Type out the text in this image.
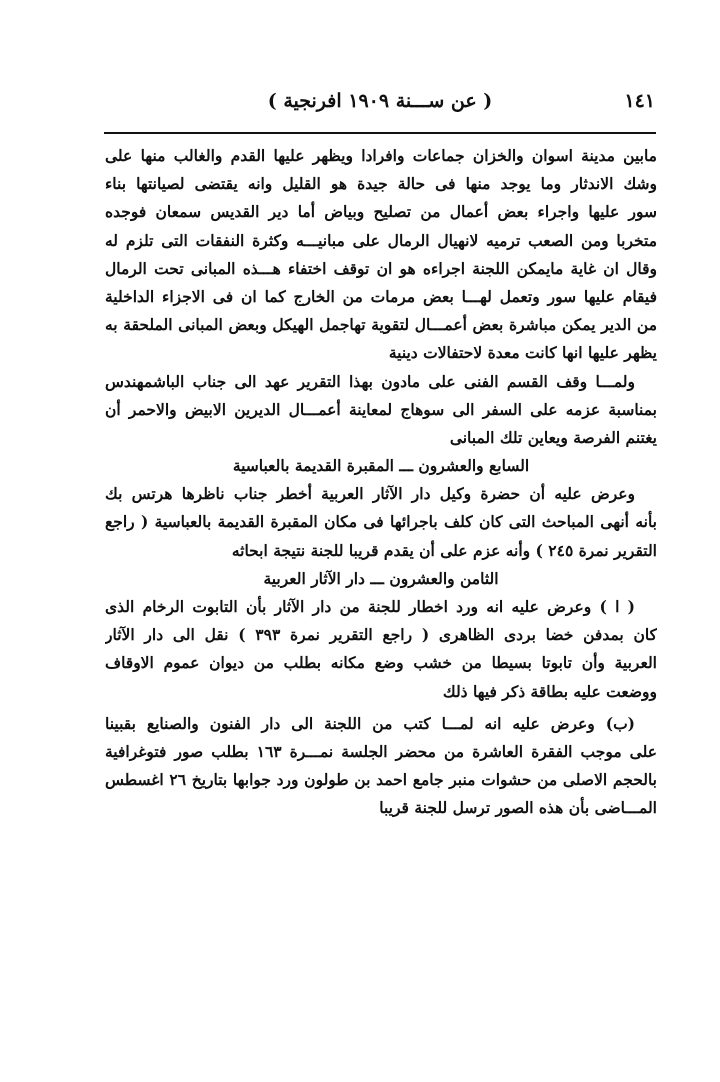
١٤١
( عن ســـنة ١٩٠٩ افرنجية )
مابين مدينة اسوان والخزان جماعات وافرادا ويظهر عليها القدم والغالب منها على
وشك الاندثار وما يوجد منها فى حالة جيدة هو القليل وانه يقتضى لصيانتها بناء
سور عليها واجراء بعض أعمال من تصليح وبياض أما دير القديس سمعان فوجده
متخربا ومن الصعب ترميه لانهيال الرمال على مبانيـــه وكثرة النفقات التى تلزم له
وقال ان غاية مايمكن اللجنة اجراءه هو ان توقف اختفاء هـــذه المبانى تحت الرمال
فيقام عليها سور وتعمل لهـــا بعض مرمات من الخارج كما ان فى الاجزاء الداخلية
من الدير يمكن مباشرة بعض أعمـــال لتقوية تهاجمل الهيكل وبعض المبانى الملحقة به
يظهر عليها انها كانت معدة لاحتفالات دينية
ولمـــا وقف القسم الفنى على مادون بهذا التقرير عهد الى جناب الباشمهندس
بمناسبة عزمه على السفر الى سوهاج لمعاينة أعمـــال الديرين الابيض والاحمر أن
يغتنم الفرصة ويعاين تلك المبانى
السابع والعشرون ـــ المقبرة القديمة بالعباسية
وعرض عليه أن حضرة وكيل دار الآثار العربية أخطر جناب ناظرها هرتس بك
بأنه أنهى المباحث التى كان كلف باجرائها فى مكان المقبرة القديمة بالعباسية ( راجع
التقرير نمرة ٢٤٥ ) وأنه عزم على أن يقدم قريبا للجنة نتيجة ابحاثه
الثامن والعشرون ـــ دار الآثار العربية
( ا ) وعرض عليه انه ورد اخطار للجنة من دار الآثار بأن التابوت الرخام الذى
كان بمدفن خضا بردى الظاهرى ( راجع التقرير نمرة ٣٩٣ ) نقل الى دار الآثار
العربية وأن تابوتا بسيطا من خشب وضع مكانه بطلب من ديوان عموم الاوقاف
ووضعت عليه بطاقة ذكر فيها ذلك
(ب) وعرض عليه انه لمـــا كتب من اللجنة الى دار الفنون والصنايع بقبينا
على موجب الفقرة العاشرة من محضر الجلسة نمـــرة ١٦٣ بطلب صور فتوغرافية
بالحجم الاصلى من حشوات منبر جامع احمد بن طولون ورد جوابها بتاريخ ٢٦ اغسطس
المـــاضى بأن هذه الصور ترسل للجنة قريبا
